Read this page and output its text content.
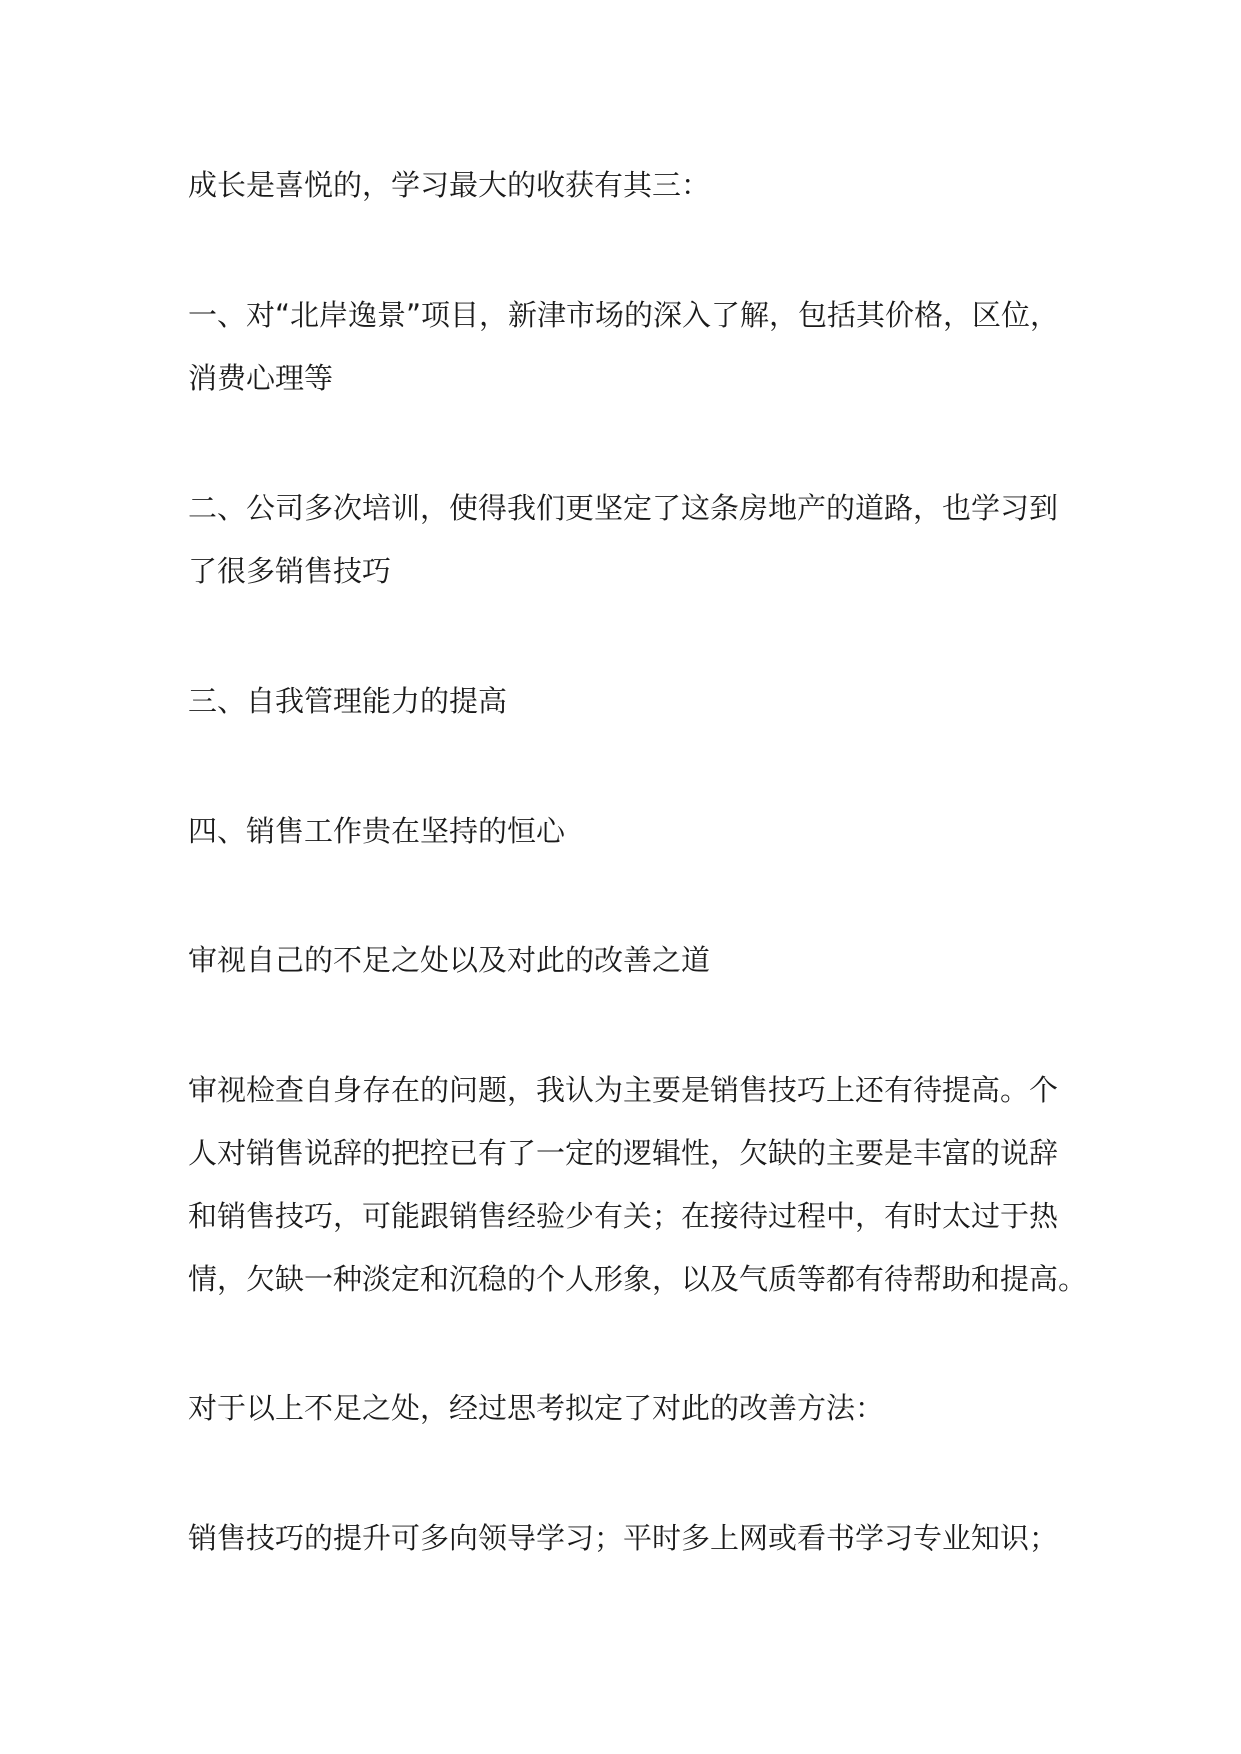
成长是喜悦的，学习最大的收获有其三：
一、对“北岸逸景”项目，新津市场的深入了解，包括其价格，区位，
消费心理等
二、公司多次培训，使得我们更坚定了这条房地产的道路，也学习到
了很多销售技巧
三、自我管理能力的提高
四、销售工作贵在坚持的恒心
审视自己的不足之处以及对此的改善之道
审视检查自身存在的问题，我认为主要是销售技巧上还有待提高。个
人对销售说辞的把控已有了一定的逻辑性，欠缺的主要是丰富的说辞
和销售技巧，可能跟销售经验少有关；在接待过程中，有时太过于热
情，欠缺一种淡定和沉稳的个人形象，以及气质等都有待帮助和提高。
对于以上不足之处，经过思考拟定了对此的改善方法：
销售技巧的提升可多向领导学习；平时多上网或看书学习专业知识；
